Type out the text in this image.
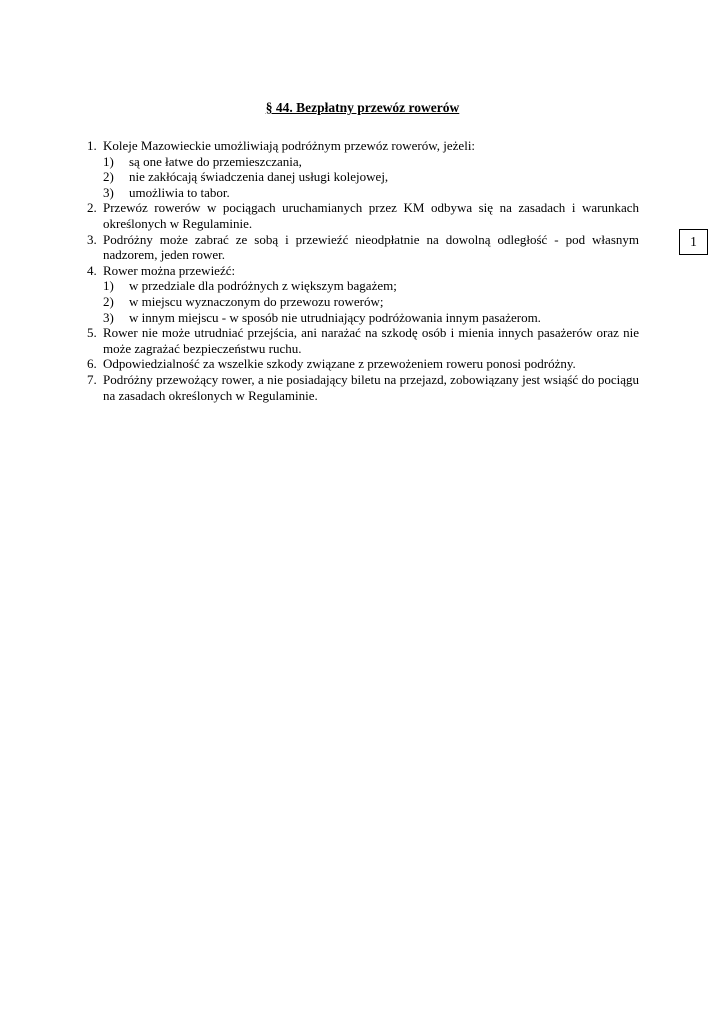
§ 44. Bezpłatny przewóz rowerów
1
1. Koleje Mazowieckie umożliwiają podróżnym przewóz rowerów, jeżeli:
1)	są one łatwe do przemieszczania,
2)	nie zakłócają świadczenia danej usługi kolejowej,
3)	umożliwia to tabor.
2. Przewóz rowerów w pociągach uruchamianych przez KM odbywa się na zasadach i warunkach określonych w Regulaminie.
3. Podróżny może zabrać ze sobą i przewieźć nieodpłatnie na dowolną odległość - pod własnym nadzorem, jeden rower.
4. Rower można przewieźć:
1)	w przedziale dla podróżnych z większym bagażem;
2)	w miejscu wyznaczonym do przewozu rowerów;
3)	w innym miejscu - w sposób nie utrudniający podróżowania innym pasażerom.
5. Rower nie może utrudniać przejścia, ani narażać na szkodę osób i mienia innych pasażerów oraz nie może zagrażać bezpieczeństwu ruchu.
6. Odpowiedzialność za wszelkie szkody związane z przewożeniem roweru ponosi podróżny.
7. Podróżny przewożący rower, a nie posiadający biletu na przejazd, zobowiązany jest wsiąść do pociągu na zasadach określonych w Regulaminie.
